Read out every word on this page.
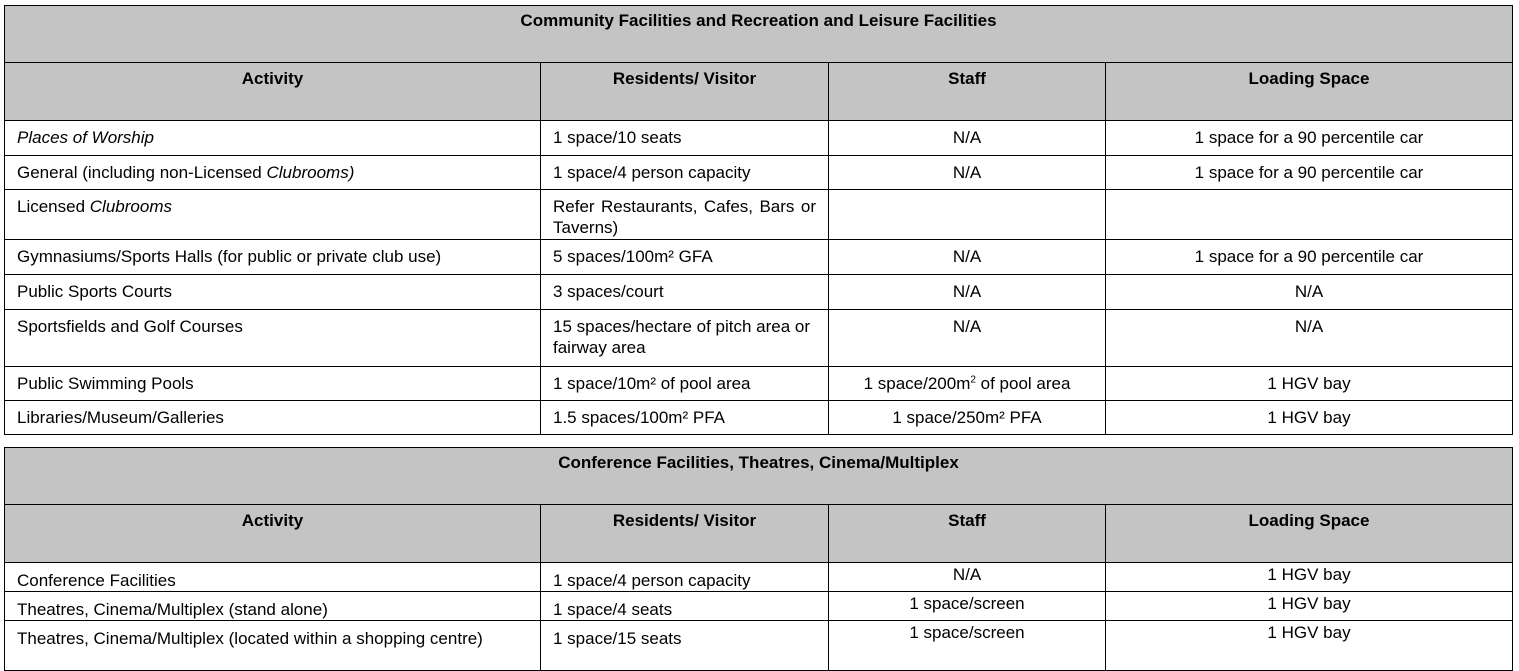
Community Facilities and Recreation and Leisure Facilities			
Activity	Residents/ Visitor	Staff	Loading Space
Places of Worship	1 space/10 seats	N/A	1 space for a 90 percentile car
General (including non-Licensed Clubrooms)	1 space/4 person capacity	N/A	1 space for a 90 percentile car
Licensed Clubrooms	Refer Restaurants, Cafes, Bars or Taverns)		
Gymnasiums/Sports Halls (for public or private club use)	5 spaces/100m² GFA	N/A	1 space for a 90 percentile car
Public Sports Courts	3 spaces/court	N/A	N/A
Sportsfields and Golf Courses	15 spaces/hectare of pitch area or fairway area	N/A	N/A
Public Swimming Pools	1 space/10m² of pool area	1 space/$200m^2$ of pool area	1 HGV bay
Libraries/Museum/Galleries	1.5 spaces/100m² PFA	1 space/250m² PFA	1 HGV bay
Conference Facilities, Theatres, Cinema/Multiplex			
Activity	Residents/ Visitor	Staff	Loading Space
Conference Facilities	1 space/4 person capacity	N/A	1 HGV bay
Theatres, Cinema/Multiplex (stand alone)	1 space/4 seats	1 space/screen	1 HGV bay
Theatres, Cinema/Multiplex (located within a shopping centre)	1 space/15 seats	1 space/screen	1 HGV bay
